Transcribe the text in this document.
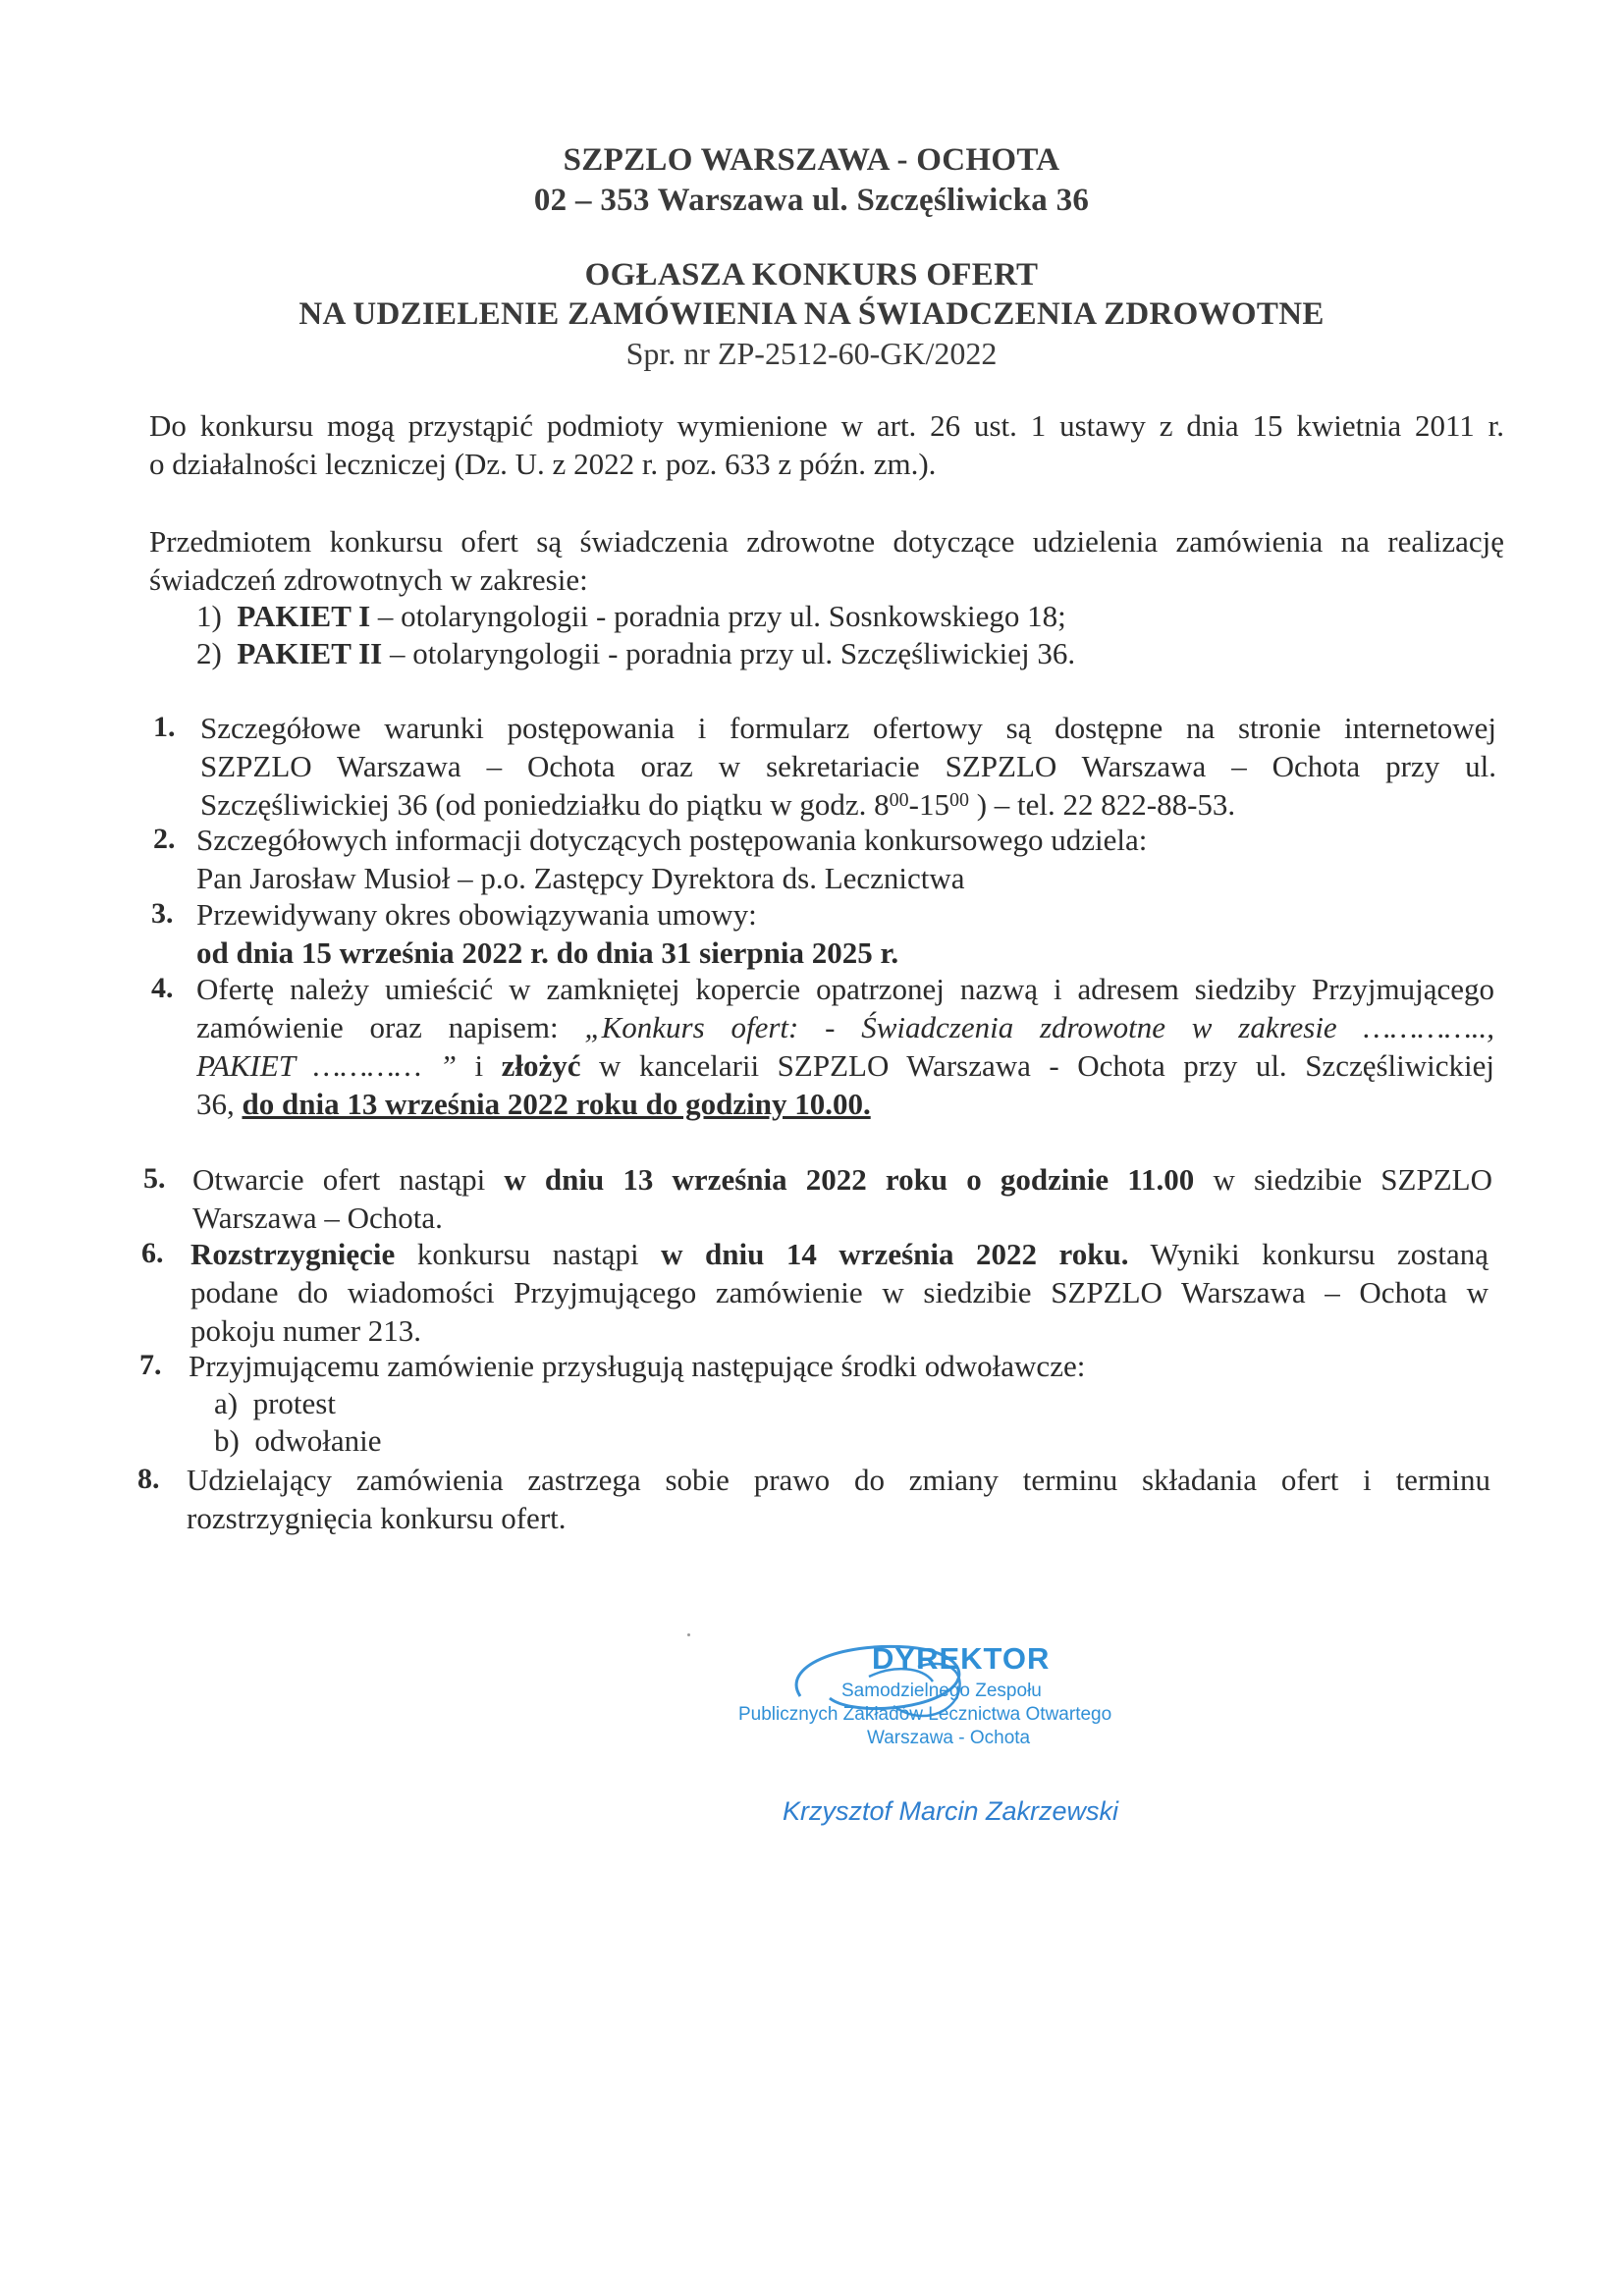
SZPZLO WARSZAWA - OCHOTA
02 – 353 Warszawa ul. Szczęśliwicka 36
OGŁASZA KONKURS OFERT
NA UDZIELENIE ZAMÓWIENIA NA ŚWIADCZENIA ZDROWOTNE
Spr. nr ZP-2512-60-GK/2022
Do konkursu mogą przystąpić podmioty wymienione w art. 26 ust. 1 ustawy z dnia 15 kwietnia 2011 r.
o działalności leczniczej (Dz. U. z 2022 r. poz. 633 z późn. zm.).
Przedmiotem konkursu ofert są świadczenia zdrowotne dotyczące udzielenia zamówienia na realizację
świadczeń zdrowotnych w zakresie:
1) PAKIET I – otolaryngologii - poradnia przy ul. Sosnkowskiego 18;
2) PAKIET II – otolaryngologii - poradnia przy ul. Szczęśliwickiej 36.
1. Szczegółowe warunki postępowania i formularz ofertowy są dostępne na stronie internetowej
SZPZLO Warszawa – Ochota oraz w sekretariacie SZPZLO Warszawa – Ochota przy ul.
Szczęśliwickiej 36 (od poniedziałku do piątku w godz. $8^{00}-15^{00}$ ) – tel. 22 822-88-53.
2. Szczegółowych informacji dotyczących postępowania konkursowego udziela:
Pan Jarosław Musioł – p.o. Zastępcy Dyrektora ds. Lecznictwa
3. Przewidywany okres obowiązywania umowy:
od dnia 15 września 2022 r. do dnia 31 sierpnia 2025 r.
4. Ofertę należy umieścić w zamkniętej kopercie opatrzonej nazwą i adresem siedziby Przyjmującego
zamówienie oraz napisem: „Konkurs ofert: - Świadczenia zdrowotne w zakresie …………..,
PAKIET ………… ” i złożyć w kancelarii SZPZLO Warszawa - Ochota przy ul. Szczęśliwickiej
36, do dnia 13 września 2022 roku do godziny 10.00.
5. Otwarcie ofert nastąpi w dniu 13 września 2022 roku o godzinie 11.00 w siedzibie SZPZLO
Warszawa – Ochota.
6. Rozstrzygnięcie konkursu nastąpi w dniu 14 września 2022 roku. Wyniki konkursu zostaną
podane do wiadomości Przyjmującego zamówienie w siedzibie SZPZLO Warszawa – Ochota w
pokoju numer 213.
7. Przyjmującemu zamówienie przysługują następujące środki odwoławcze:
a) protest
b) odwołanie
8. Udzielający zamówienia zastrzega sobie prawo do zmiany terminu składania ofert i terminu
rozstrzygnięcia konkursu ofert.
DYREKTOR
Samodzielnego Zespołu
Publicznych Zakładów Lecznictwa Otwartego
Warszawa - Ochota
Krzysztof Marcin Zakrzewski
